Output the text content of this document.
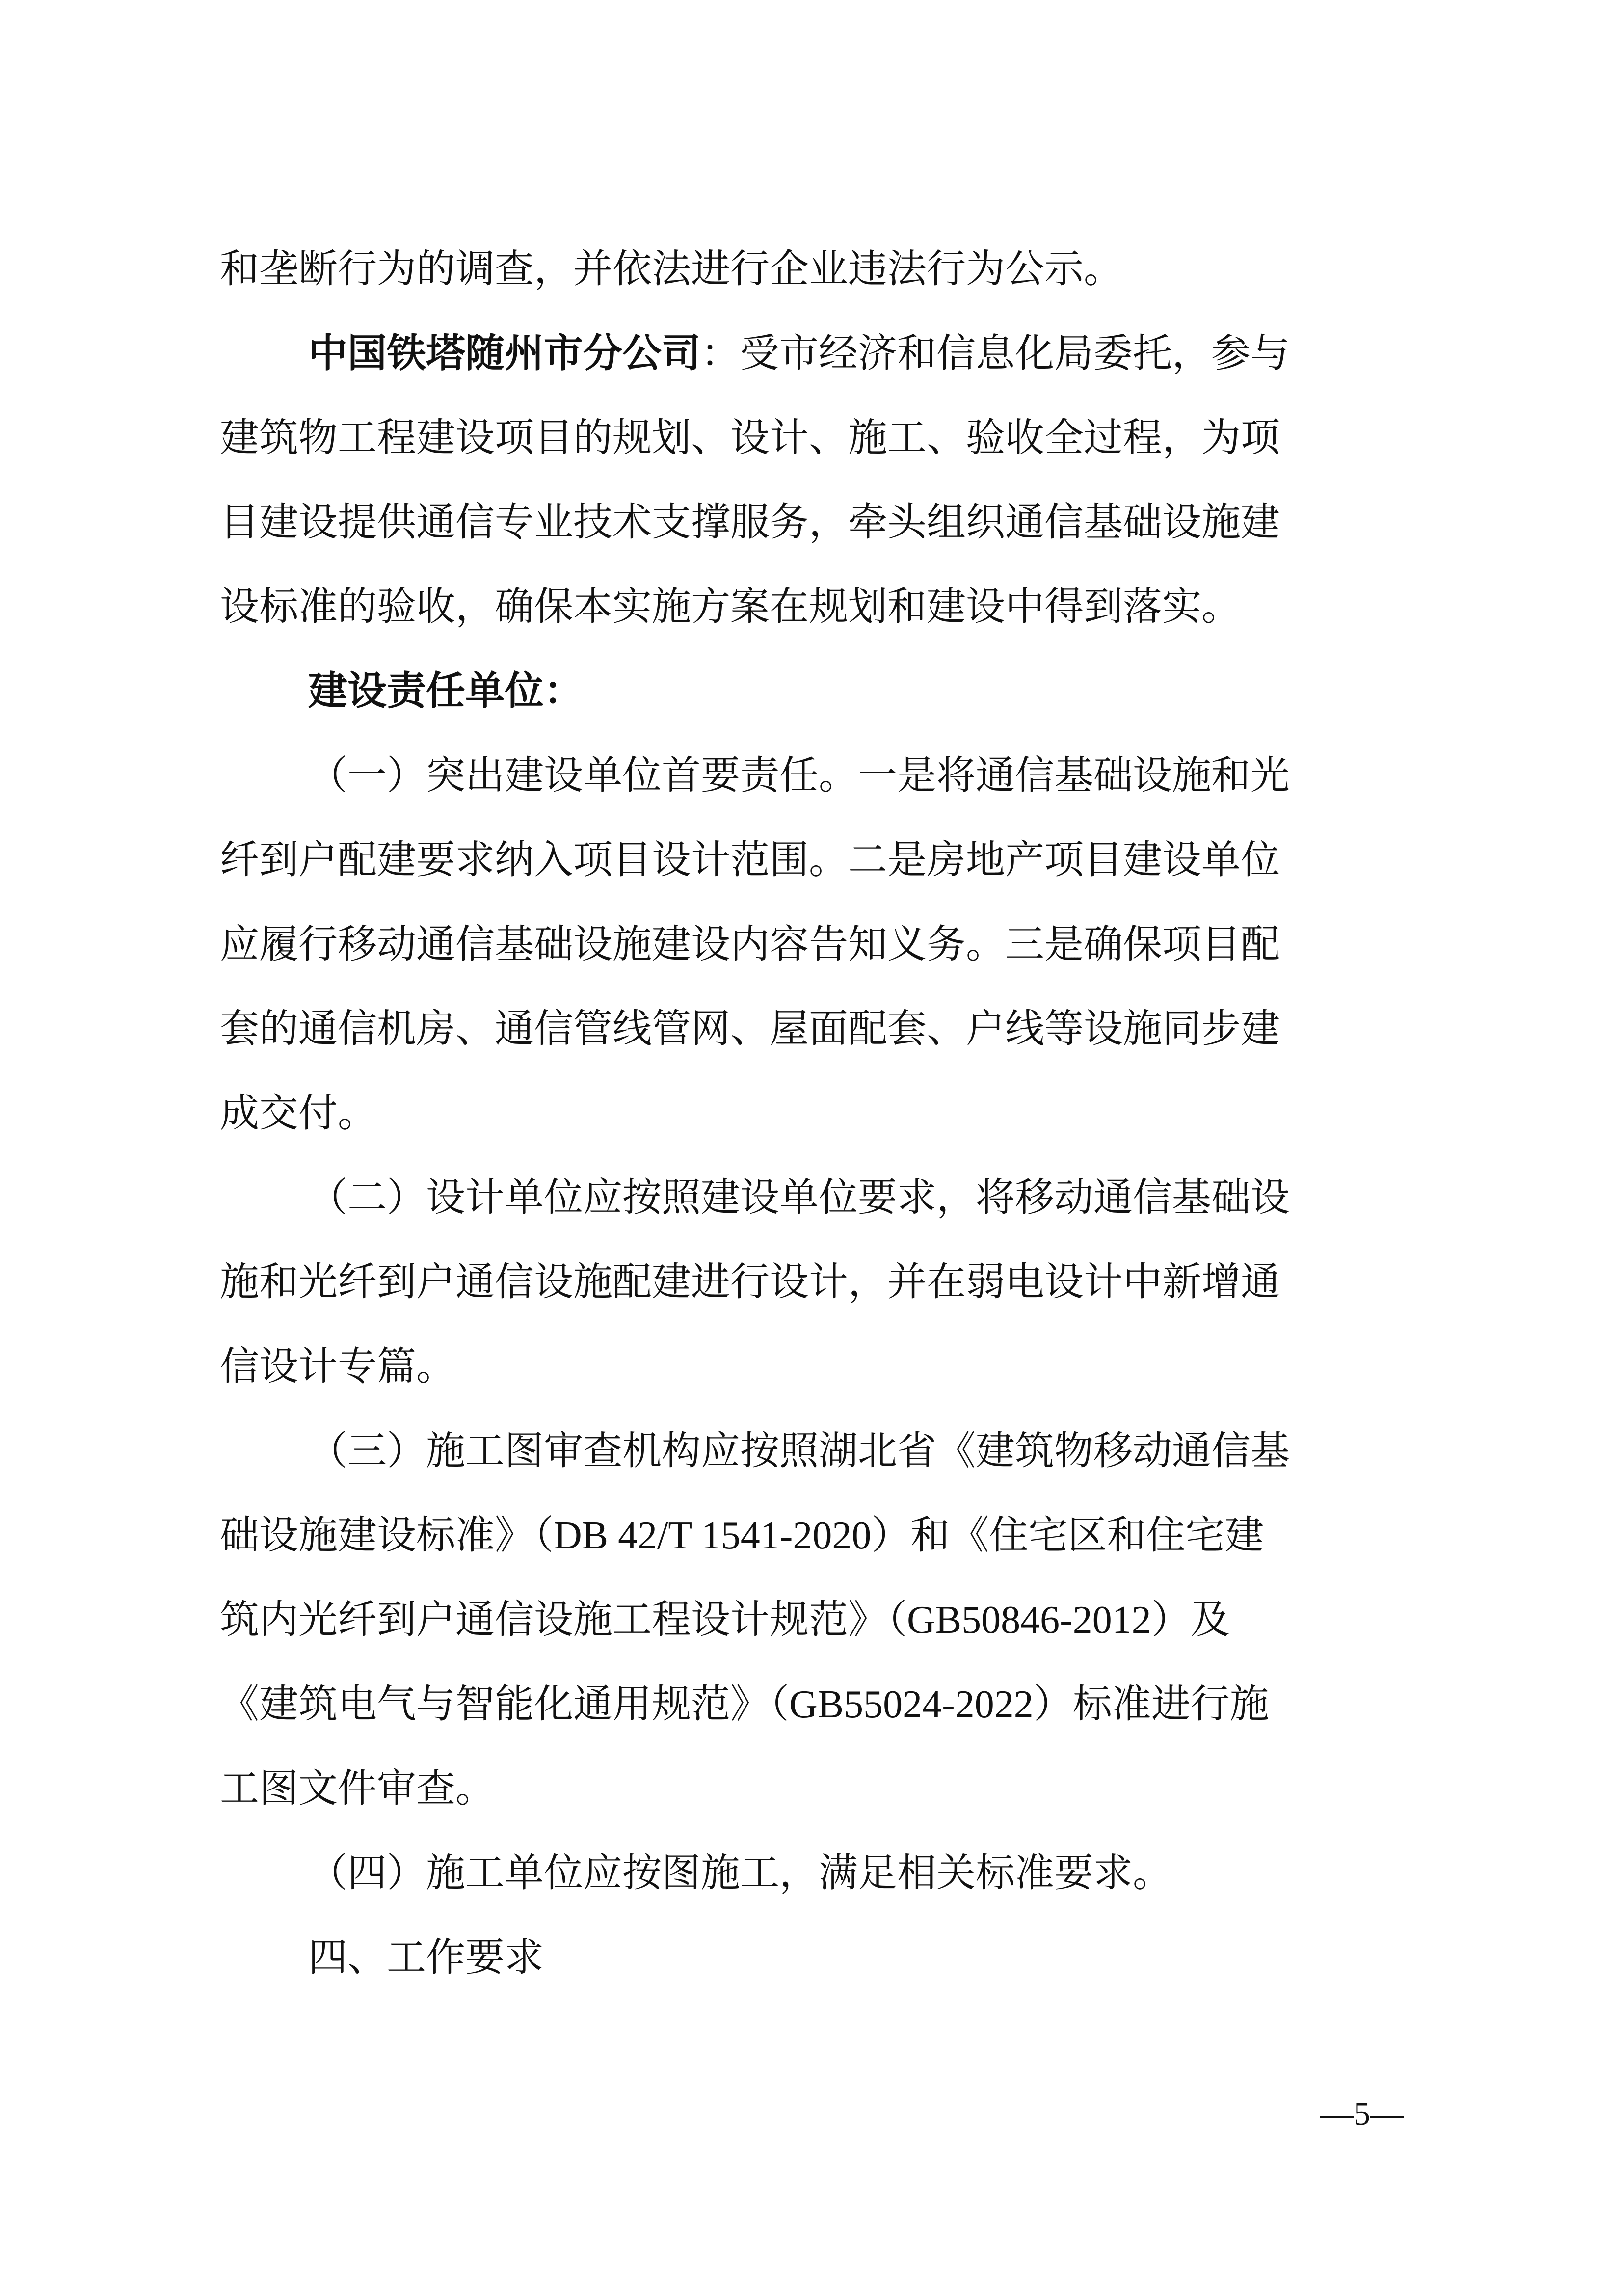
和垄断行为的调查，并依法进行企业违法行为公示。

中国铁塔随州市分公司：受市经济和信息化局委托，参与

建筑物工程建设项目的规划、设计、施工、验收全过程，为项

目建设提供通信专业技术支撑服务，牵头组织通信基础设施建

设标准的验收，确保本实施方案在规划和建设中得到落实。

建设责任单位：

（一）突出建设单位首要责任。一是将通信基础设施和光

纤到户配建要求纳入项目设计范围。二是房地产项目建设单位

应履行移动通信基础设施建设内容告知义务。三是确保项目配

套的通信机房、通信管线管网、屋面配套、户线等设施同步建

成交付。

（二）设计单位应按照建设单位要求，将移动通信基础设

施和光纤到户通信设施配建进行设计，并在弱电设计中新增通

信设计专篇。

（三）施工图审查机构应按照湖北省《建筑物移动通信基

础设施建设标准》（DB 42/T 1541-2020）和《住宅区和住宅建

筑内光纤到户通信设施工程设计规范》（GB50846-2012）及

《建筑电气与智能化通用规范》（GB55024-2022）标准进行施

工图文件审查。

（四）施工单位应按图施工，满足相关标准要求。

四、工作要求

—5—
